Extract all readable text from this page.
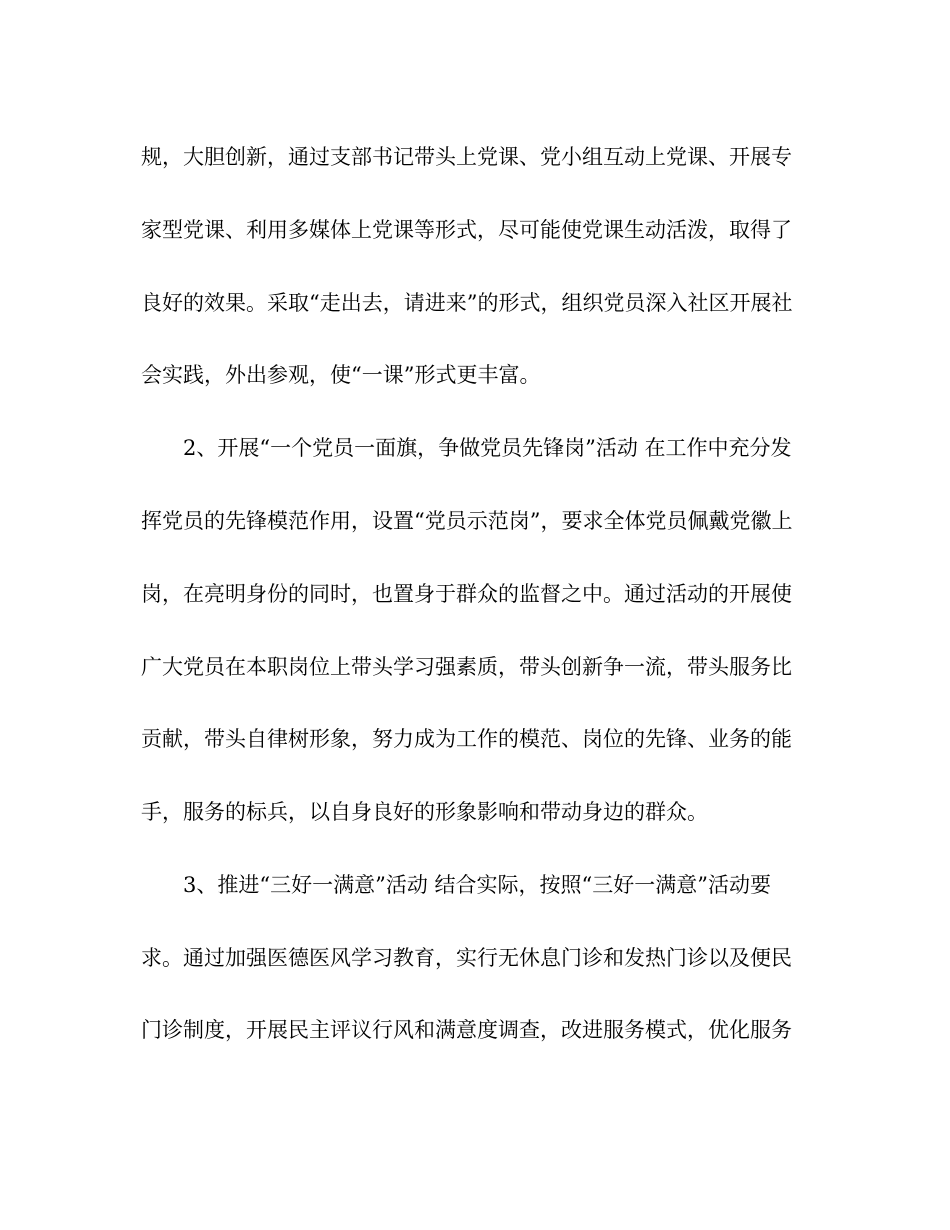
规，大胆创新，通过支部书记带头上党课、党小组互动上党课、开展专
家型党课、利用多媒体上党课等形式，尽可能使党课生动活泼，取得了
良好的效果。采取“走出去，请进来”的形式，组织党员深入社区开展社
会实践，外出参观，使“一课”形式更丰富。
2、开展“一个党员一面旗，争做党员先锋岗”活动 在工作中充分发
挥党员的先锋模范作用，设置“党员示范岗”，要求全体党员佩戴党徽上
岗，在亮明身份的同时，也置身于群众的监督之中。通过活动的开展使
广大党员在本职岗位上带头学习强素质，带头创新争一流，带头服务比
贡献，带头自律树形象，努力成为工作的模范、岗位的先锋、业务的能
手，服务的标兵，以自身良好的形象影响和带动身边的群众。
3、推进“三好一满意”活动 结合实际，按照“三好一满意”活动要
求。通过加强医德医风学习教育，实行无休息门诊和发热门诊以及便民
门诊制度，开展民主评议行风和满意度调查，改进服务模式，优化服务
